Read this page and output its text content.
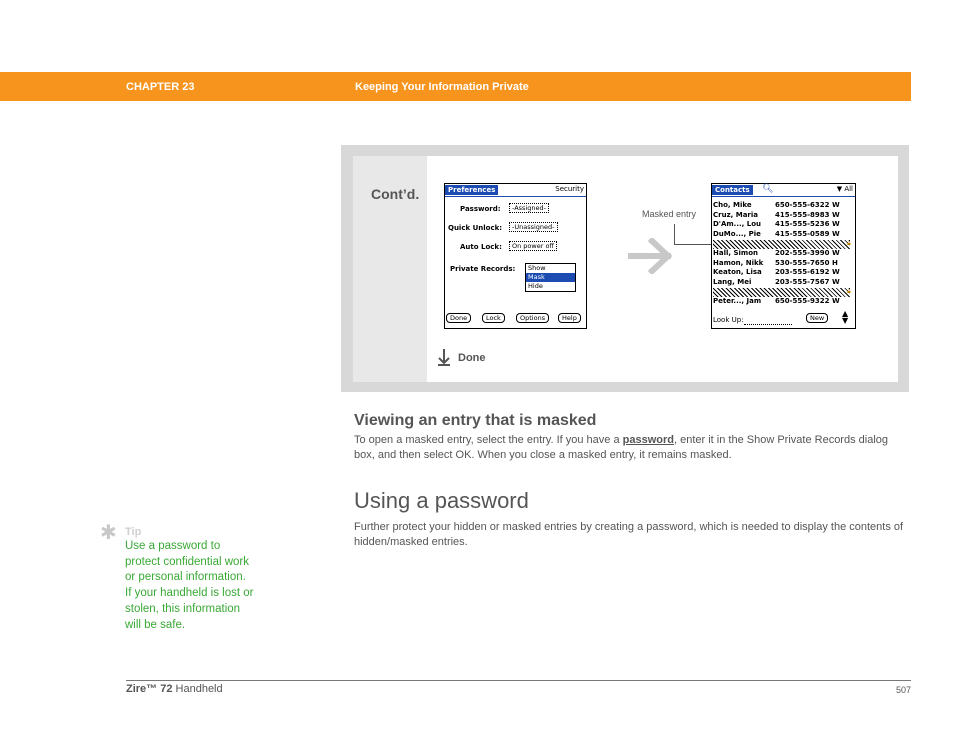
CHAPTER 23	Keeping Your Information Private
Cont’d.	Preferences	Security
Password:	-Assigned-
Quick Unlock:	-Unassigned-
Auto Lock:	On power off
Private Records:	Show
Mask
Hide
Done	Lock	Options	Help
Masked entry
Contacts	🔍︎	▼ All
Cho, Mike	650-555-6322 W
Cruz, Maria 415-555-8983 W
D'Am..., Lou 415-555-5236 W
DuMo..., Pie 415-555-0589 W
Hall, Simon 202-555-3990 W
Hamon, Nikk 530-555-7650 H
Keaton, Lisa 203-555-6192 W
Lang, Mei	203-555-7567 W
Peter..., Jam 650-555-9322 W
🔒︎
🔒︎
Look Up:	New	▲
▼
Done
Viewing an entry that is masked
To open a masked entry, select the entry. If you have a password, enter it in the Show Private Records dialog box, and then select OK. When you close a masked entry, it remains masked.
Using a password
Further protect your hidden or masked entries by creating a password, which is needed to display the contents of hidden/masked entries.
✱ Tip
Use a password to
protect confidential work
or personal information.
If your handheld is lost or
stolen, this information
will be safe.
Zire™ 72 Handheld	507
